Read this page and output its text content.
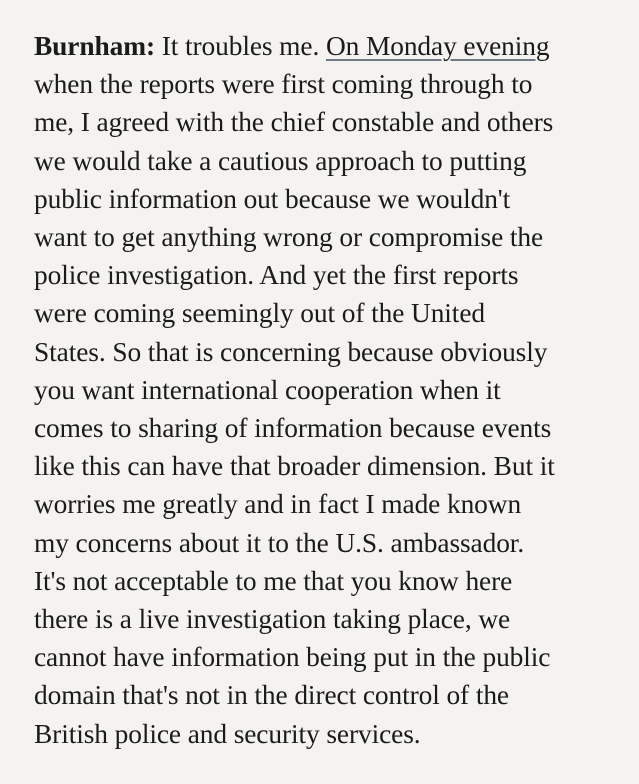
Burnham: It troubles me. On Monday evening
when the reports were first coming through to
me, I agreed with the chief constable and others
we would take a cautious approach to putting
public information out because we wouldn't
want to get anything wrong or compromise the
police investigation. And yet the first reports
were coming seemingly out of the United
States. So that is concerning because obviously
you want international cooperation when it
comes to sharing of information because events
like this can have that broader dimension. But it
worries me greatly and in fact I made known
my concerns about it to the U.S. ambassador.
It's not acceptable to me that you know here
there is a live investigation taking place, we
cannot have information being put in the public
domain that's not in the direct control of the
British police and security services.
